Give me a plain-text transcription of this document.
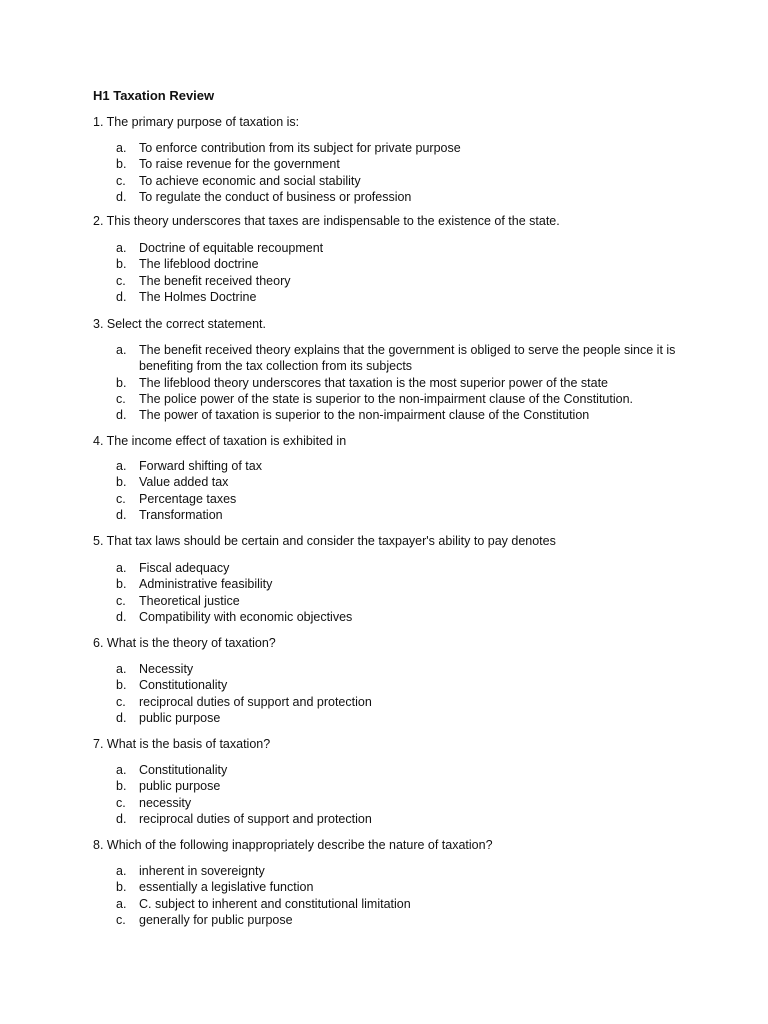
H1 Taxation Review
1. The primary purpose of taxation is:
a.	To enforce contribution from its subject for private purpose
b.	To raise revenue for the government
c.	To achieve economic and social stability
d.	To regulate the conduct of business or profession
2. This theory underscores that taxes are indispensable to the existence of the state.
a.	Doctrine of equitable recoupment
b.	The lifeblood doctrine
c.	The benefit received theory
d.	The Holmes Doctrine
3. Select the correct statement.
a.	The benefit received theory explains that the government is obliged to serve the people since it is benefiting from the tax collection from its subjects
b.	The lifeblood theory underscores that taxation is the most superior power of the state
c.	The police power of the state is superior to the non-impairment clause of the Constitution.
d.	The power of taxation is superior to the non-impairment clause of the Constitution
4. The income effect of taxation is exhibited in
a.	Forward shifting of tax
b.	Value added tax
c.	Percentage taxes
d.	Transformation
5. That tax laws should be certain and consider the taxpayer's ability to pay denotes
a.	Fiscal adequacy
b.	Administrative feasibility
c.	Theoretical justice
d.	Compatibility with economic objectives
6. What is the theory of taxation?
a.	Necessity
b.	Constitutionality
c.	reciprocal duties of support and protection
d.	public purpose
7. What is the basis of taxation?
a.	Constitutionality
b.	public purpose
c.	necessity
d.	reciprocal duties of support and protection
8. Which of the following inappropriately describe the nature of taxation?
a.	inherent in sovereignty
b.	essentially a legislative function
a.	C. subject to inherent and constitutional limitation
c.	generally for public purpose
